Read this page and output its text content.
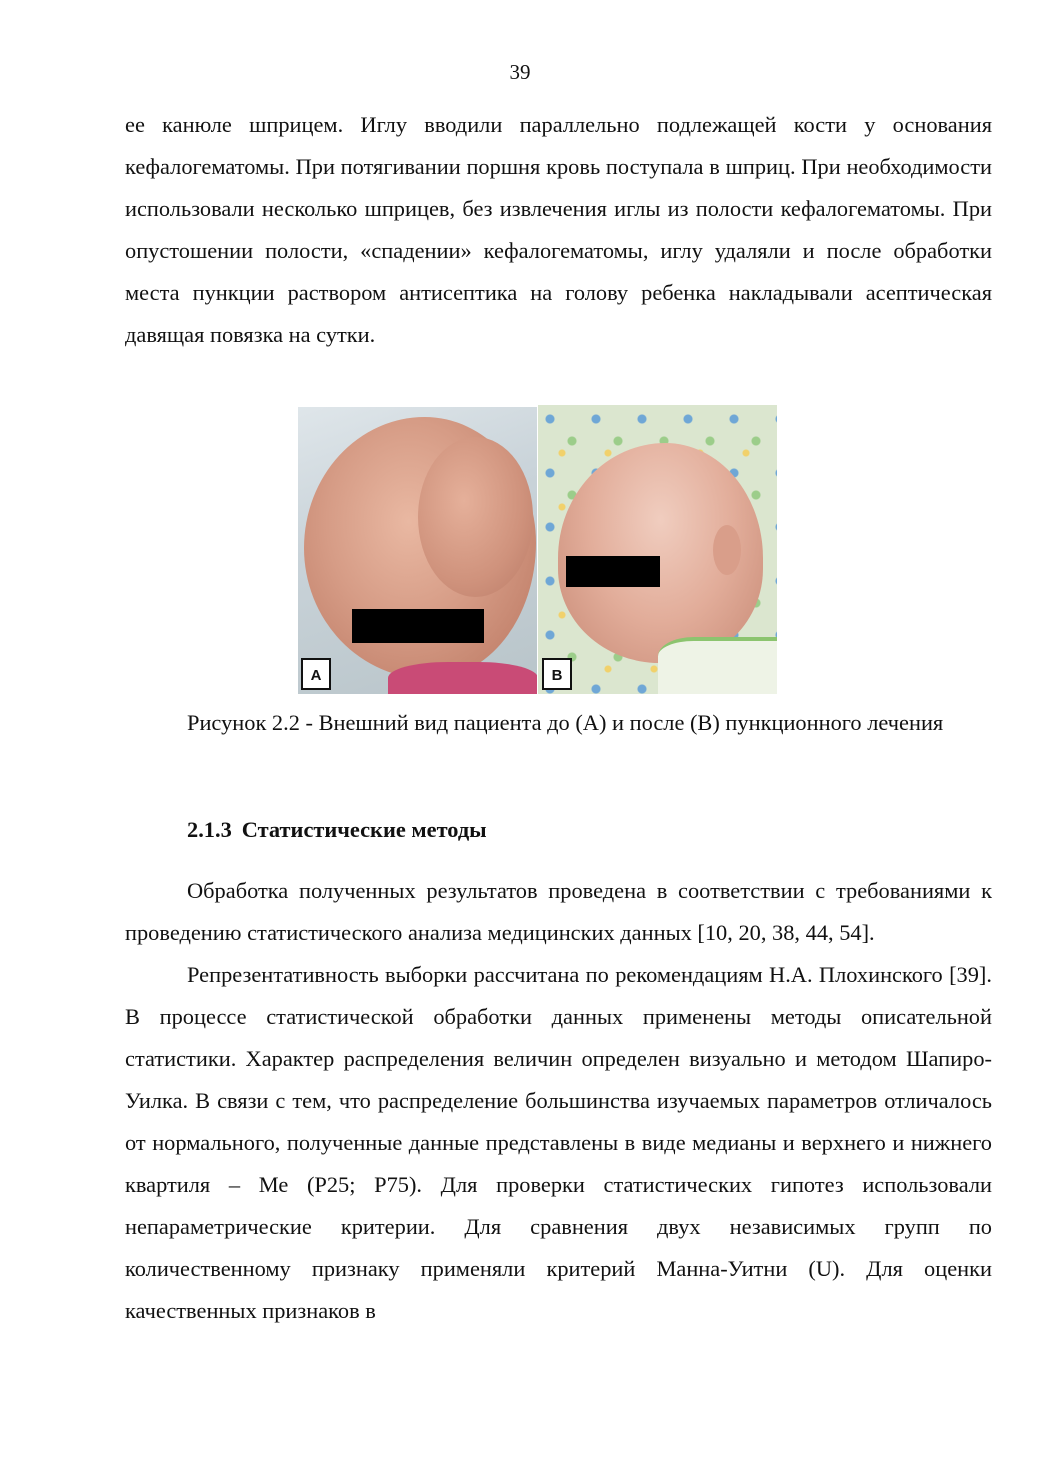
39

ее канюле шприцем. Иглу вводили параллельно подлежащей кости у основания кефалогематомы. При потягивании поршня кровь поступала в шприц. При необходимости использовали несколько шприцев, без извлечения иглы из полости кефалогематомы. При опустошении полости, «спадении» кефалогематомы, иглу удаляли и после обработки места пункции раствором антисептика на голову ребенка накладывали асептическая давящая повязка на сутки.

А	В

Рисунок 2.2 - Внешний вид пациента до (А) и после (В) пункционного лечения

2.1.3 Статистические методы

Обработка полученных результатов проведена в соответствии с требованиями к проведению статистического анализа медицинских данных [10, 20, 38, 44, 54].

Репрезентативность выборки рассчитана по рекомендациям Н.А. Плохинского [39]. В процессе статистической обработки данных применены методы описательной статистики. Характер распределения величин определен визуально и методом Шапиро-Уилка. В связи с тем, что распределение большинства изучаемых параметров отличалось от нормального, полученные данные представлены в виде медианы и верхнего и нижнего квартиля – Ме (Р25; Р75). Для проверки статистических гипотез использовали непараметрические критерии. Для сравнения двух независимых групп по количественному признаку применяли критерий Манна-Уитни (U). Для оценки качественных признаков в
